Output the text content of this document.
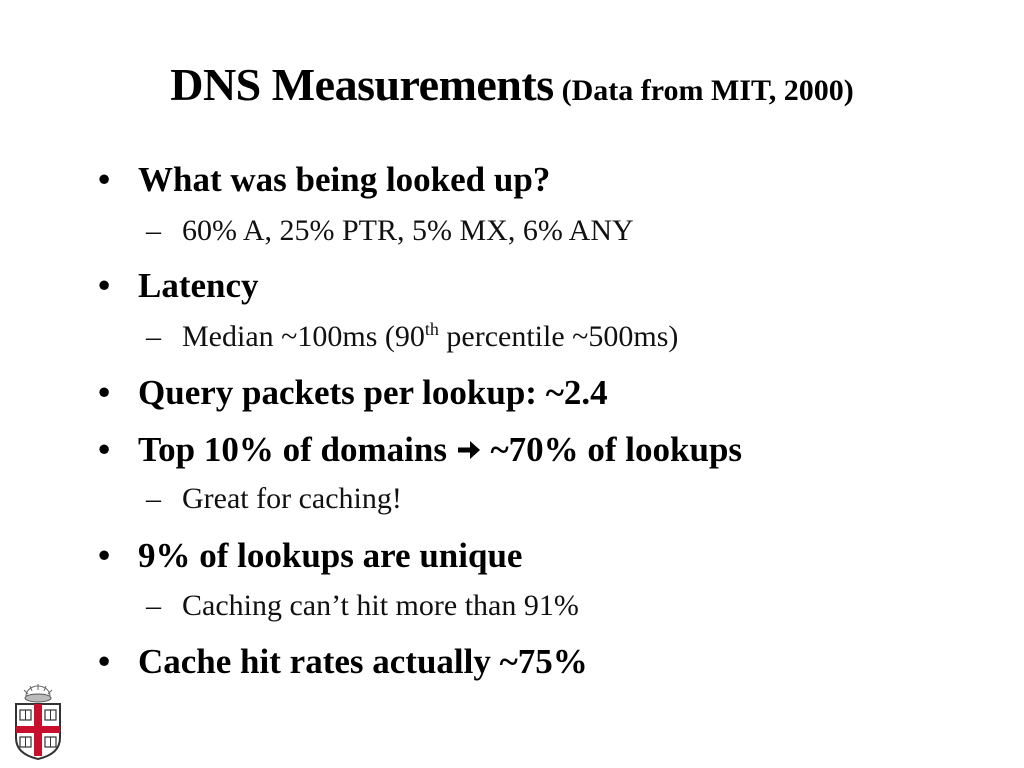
DNS Measurements (Data from MIT, 2000)
• What was being looked up?
– 60% A, 25% PTR, 5% MX, 6% ANY
• Latency
– Median ~100ms (90th percentile ~500ms)
• Query packets per lookup: ~2.4
• Top 10% of domains  ~70% of lookups
– Great for caching!
• 9% of lookups are unique
– Caching can’t hit more than 91%
• Cache hit rates actually ~75%
